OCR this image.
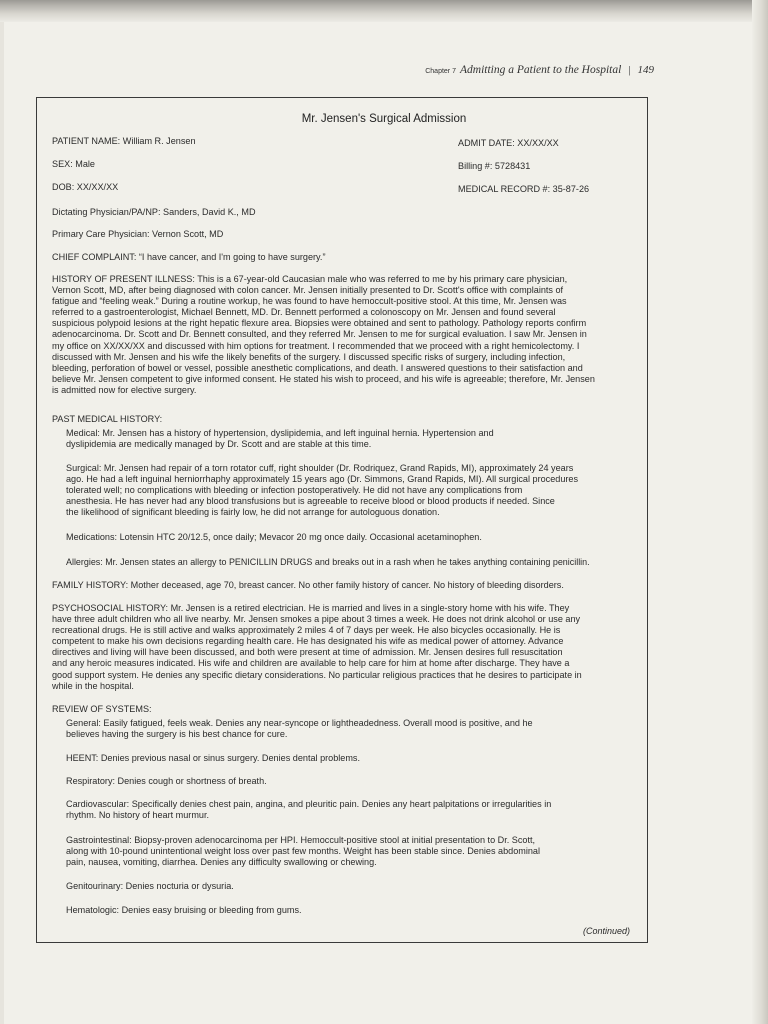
Chapter 7 Admitting a Patient to the Hospital | 149
Mr. Jensen's Surgical Admission
PATIENT NAME: William R. Jensen	ADMIT DATE: XX/XX/XX
SEX: Male	Billing #: 5728431
DOB: XX/XX/XX	MEDICAL RECORD #: 35-87-26
Dictating Physician/PA/NP: Sanders, David K., MD
Primary Care Physician: Vernon Scott, MD
CHIEF COMPLAINT: “I have cancer, and I'm going to have surgery.”
HISTORY OF PRESENT ILLNESS: This is a 67-year-old Caucasian male who was referred to me by his primary care physician,
Vernon Scott, MD, after being diagnosed with colon cancer. Mr. Jensen initially presented to Dr. Scott's office with complaints of
fatigue and “feeling weak.” During a routine workup, he was found to have hemoccult-positive stool. At this time, Mr. Jensen was
referred to a gastroenterologist, Michael Bennett, MD. Dr. Bennett performed a colonoscopy on Mr. Jensen and found several
suspicious polypoid lesions at the right hepatic flexure area. Biopsies were obtained and sent to pathology. Pathology reports confirm
adenocarcinoma. Dr. Scott and Dr. Bennett consulted, and they referred Mr. Jensen to me for surgical evaluation. I saw Mr. Jensen in
my office on XX/XX/XX and discussed with him options for treatment. I recommended that we proceed with a right hemicolectomy. I
discussed with Mr. Jensen and his wife the likely benefits of the surgery. I discussed specific risks of surgery, including infection,
bleeding, perforation of bowel or vessel, possible anesthetic complications, and death. I answered questions to their satisfaction and
believe Mr. Jensen competent to give informed consent. He stated his wish to proceed, and his wife is agreeable; therefore, Mr. Jensen
is admitted now for elective surgery.
PAST MEDICAL HISTORY:
Medical: Mr. Jensen has a history of hypertension, dyslipidemia, and left inguinal hernia. Hypertension and
dyslipidemia are medically managed by Dr. Scott and are stable at this time.
Surgical: Mr. Jensen had repair of a torn rotator cuff, right shoulder (Dr. Rodriquez, Grand Rapids, MI), approximately 24 years
ago. He had a left inguinal herniorrhaphy approximately 15 years ago (Dr. Simmons, Grand Rapids, MI). All surgical procedures
tolerated well; no complications with bleeding or infection postoperatively. He did not have any complications from
anesthesia. He has never had any blood transfusions but is agreeable to receive blood or blood products if needed. Since
the likelihood of significant bleeding is fairly low, he did not arrange for autologuous donation.
Medications: Lotensin HTC 20/12.5, once daily; Mevacor 20 mg once daily. Occasional acetaminophen.
Allergies: Mr. Jensen states an allergy to PENICILLIN DRUGS and breaks out in a rash when he takes anything containing penicillin.
FAMILY HISTORY: Mother deceased, age 70, breast cancer. No other family history of cancer. No history of bleeding disorders.
PSYCHOSOCIAL HISTORY: Mr. Jensen is a retired electrician. He is married and lives in a single-story home with his wife. They
have three adult children who all live nearby. Mr. Jensen smokes a pipe about 3 times a week. He does not drink alcohol or use any
recreational drugs. He is still active and walks approximately 2 miles 4 of 7 days per week. He also bicycles occasionally. He is
competent to make his own decisions regarding health care. He has designated his wife as medical power of attorney. Advance
directives and living will have been discussed, and both were present at time of admission. Mr. Jensen desires full resuscitation
and any heroic measures indicated. His wife and children are available to help care for him at home after discharge. They have a
good support system. He denies any specific dietary considerations. No particular religious practices that he desires to participate in
while in the hospital.
REVIEW OF SYSTEMS:
General: Easily fatigued, feels weak. Denies any near-syncope or lightheadedness. Overall mood is positive, and he
believes having the surgery is his best chance for cure.
HEENT: Denies previous nasal or sinus surgery. Denies dental problems.
Respiratory: Denies cough or shortness of breath.
Cardiovascular: Specifically denies chest pain, angina, and pleuritic pain. Denies any heart palpitations or irregularities in
rhythm. No history of heart murmur.
Gastrointestinal: Biopsy-proven adenocarcinoma per HPI. Hemoccult-positive stool at initial presentation to Dr. Scott,
along with 10-pound unintentional weight loss over past few months. Weight has been stable since. Denies abdominal
pain, nausea, vomiting, diarrhea. Denies any difficulty swallowing or chewing.
Genitourinary: Denies nocturia or dysuria.
Hematologic: Denies easy bruising or bleeding from gums.
(Continued)
